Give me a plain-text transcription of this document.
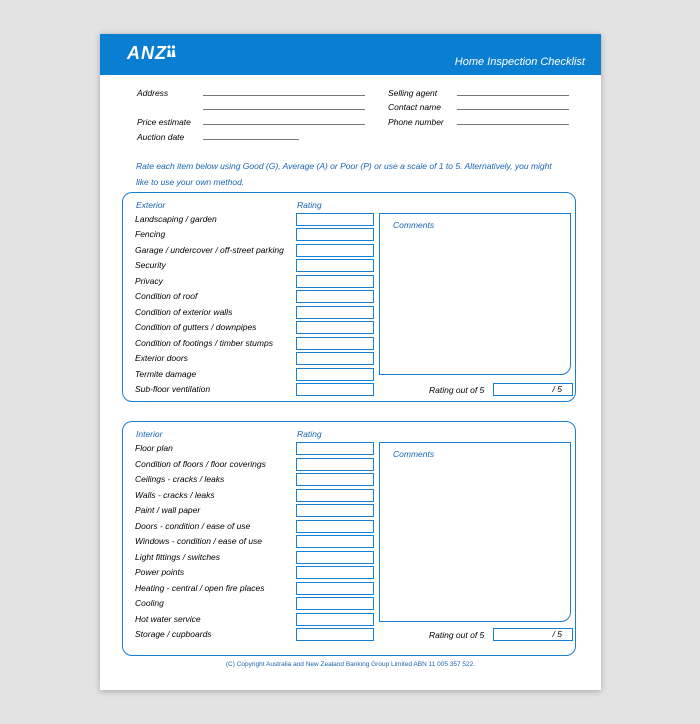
ANZ	Home Inspection Checklist
Address
Price estimate
Auction date
Selling agent
Contact name
Phone number
Rate each item below using Good (G), Average (A) or Poor (P) or use a scale of 1 to 5. Alternatively, you might
like to use your own method.
Exterior	Rating
Landscaping / garden
Fencing
Garage / undercover / off-street parking
Security
Privacy
Condition of roof
Condition of exterior walls
Condition of gutters / downpipes
Condition of footings / timber stumps
Exterior doors
Termite damage
Sub-floor ventilation
Comments
Rating out of 5	/ 5
Interior	Rating
Floor plan
Condition of floors / floor coverings
Ceilings - cracks / leaks
Walls - cracks / leaks
Paint / wall paper
Doors - condition / ease of use
Windows - condition / ease of use
Light fittings / switches
Power points
Heating - central / open fire places
Cooling
Hot water service
Storage / cupboards
Comments
Rating out of 5	/ 5
(C) Copyright Australia and New Zealand Banking Group Limited ABN 11 005 357 522.
